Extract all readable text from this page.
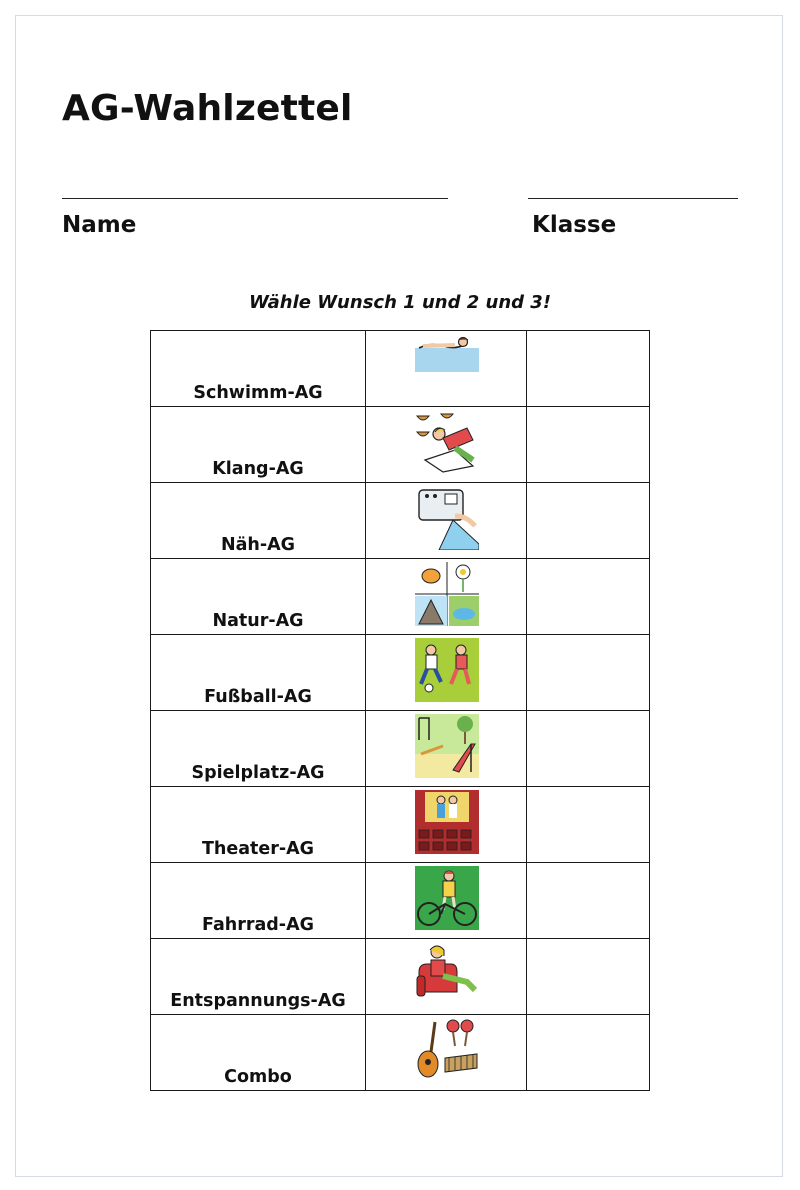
AG-Wahlzettel
Name	Klasse
Wähle Wunsch 1 und 2 und 3!
Schwimm-AG

Klang-AG

Näh-AG

Natur-AG

Fußball-AG

Spielplatz-AG

Theater-AG

Fahrrad-AG

Entspannungs-AG

Combo
